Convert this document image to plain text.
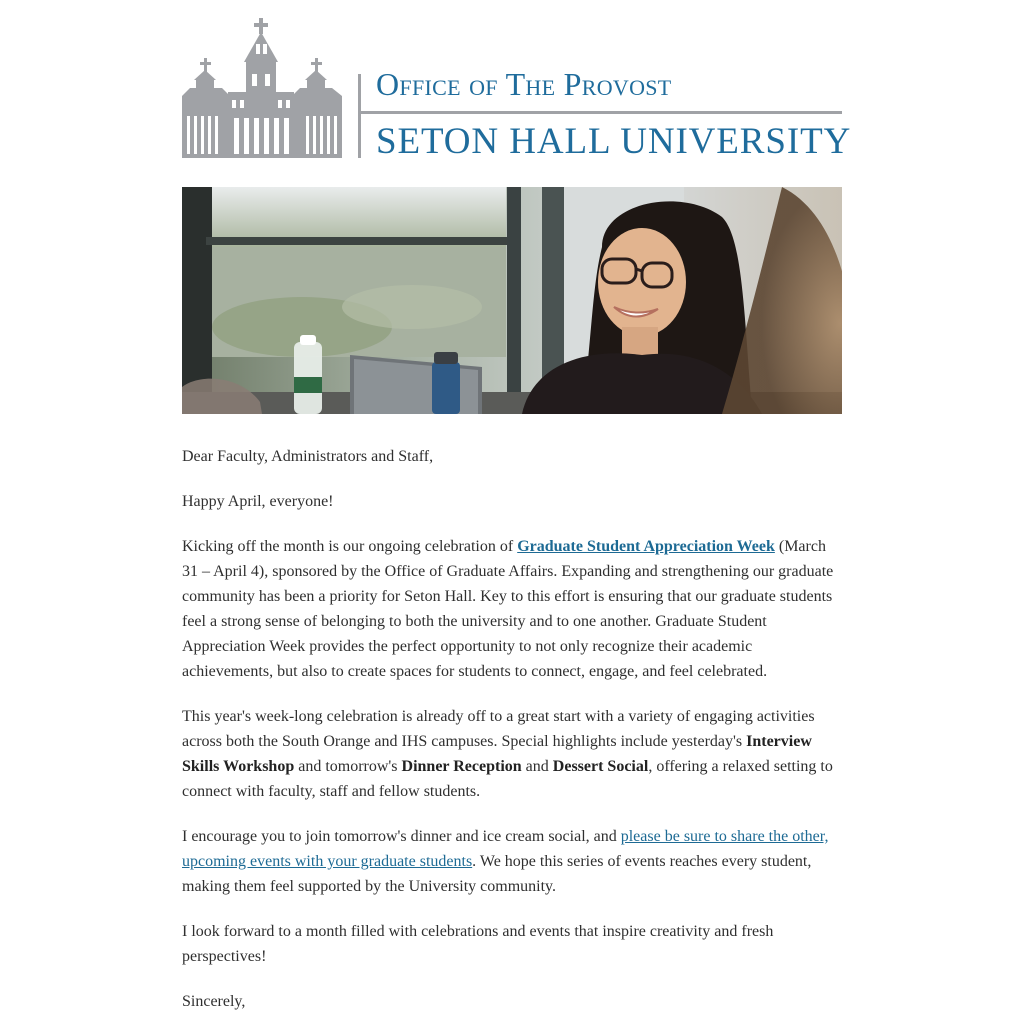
Office of The Provost
SETON HALL UNIVERSITY

Dear Faculty, Administrators and Staff,

Happy April, everyone!

Kicking off the month is our ongoing celebration of Graduate Student Appreciation Week (March 31 – April 4), sponsored by the Office of Graduate Affairs. Expanding and strengthening our graduate community has been a priority for Seton Hall. Key to this effort is ensuring that our graduate students feel a strong sense of belonging to both the university and to one another. Graduate Student Appreciation Week provides the perfect opportunity to not only recognize their academic achievements, but also to create spaces for students to connect, engage, and feel celebrated.

This year's week-long celebration is already off to a great start with a variety of engaging activities across both the South Orange and IHS campuses. Special highlights include yesterday's Interview Skills Workshop and tomorrow's Dinner Reception and Dessert Social, offering a relaxed setting to connect with faculty, staff and fellow students.

I encourage you to join tomorrow's dinner and ice cream social, and please be sure to share the other, upcoming events with your graduate students. We hope this series of events reaches every student, making them feel supported by the University community.

I look forward to a month filled with celebrations and events that inspire creativity and fresh perspectives!

Sincerely,
